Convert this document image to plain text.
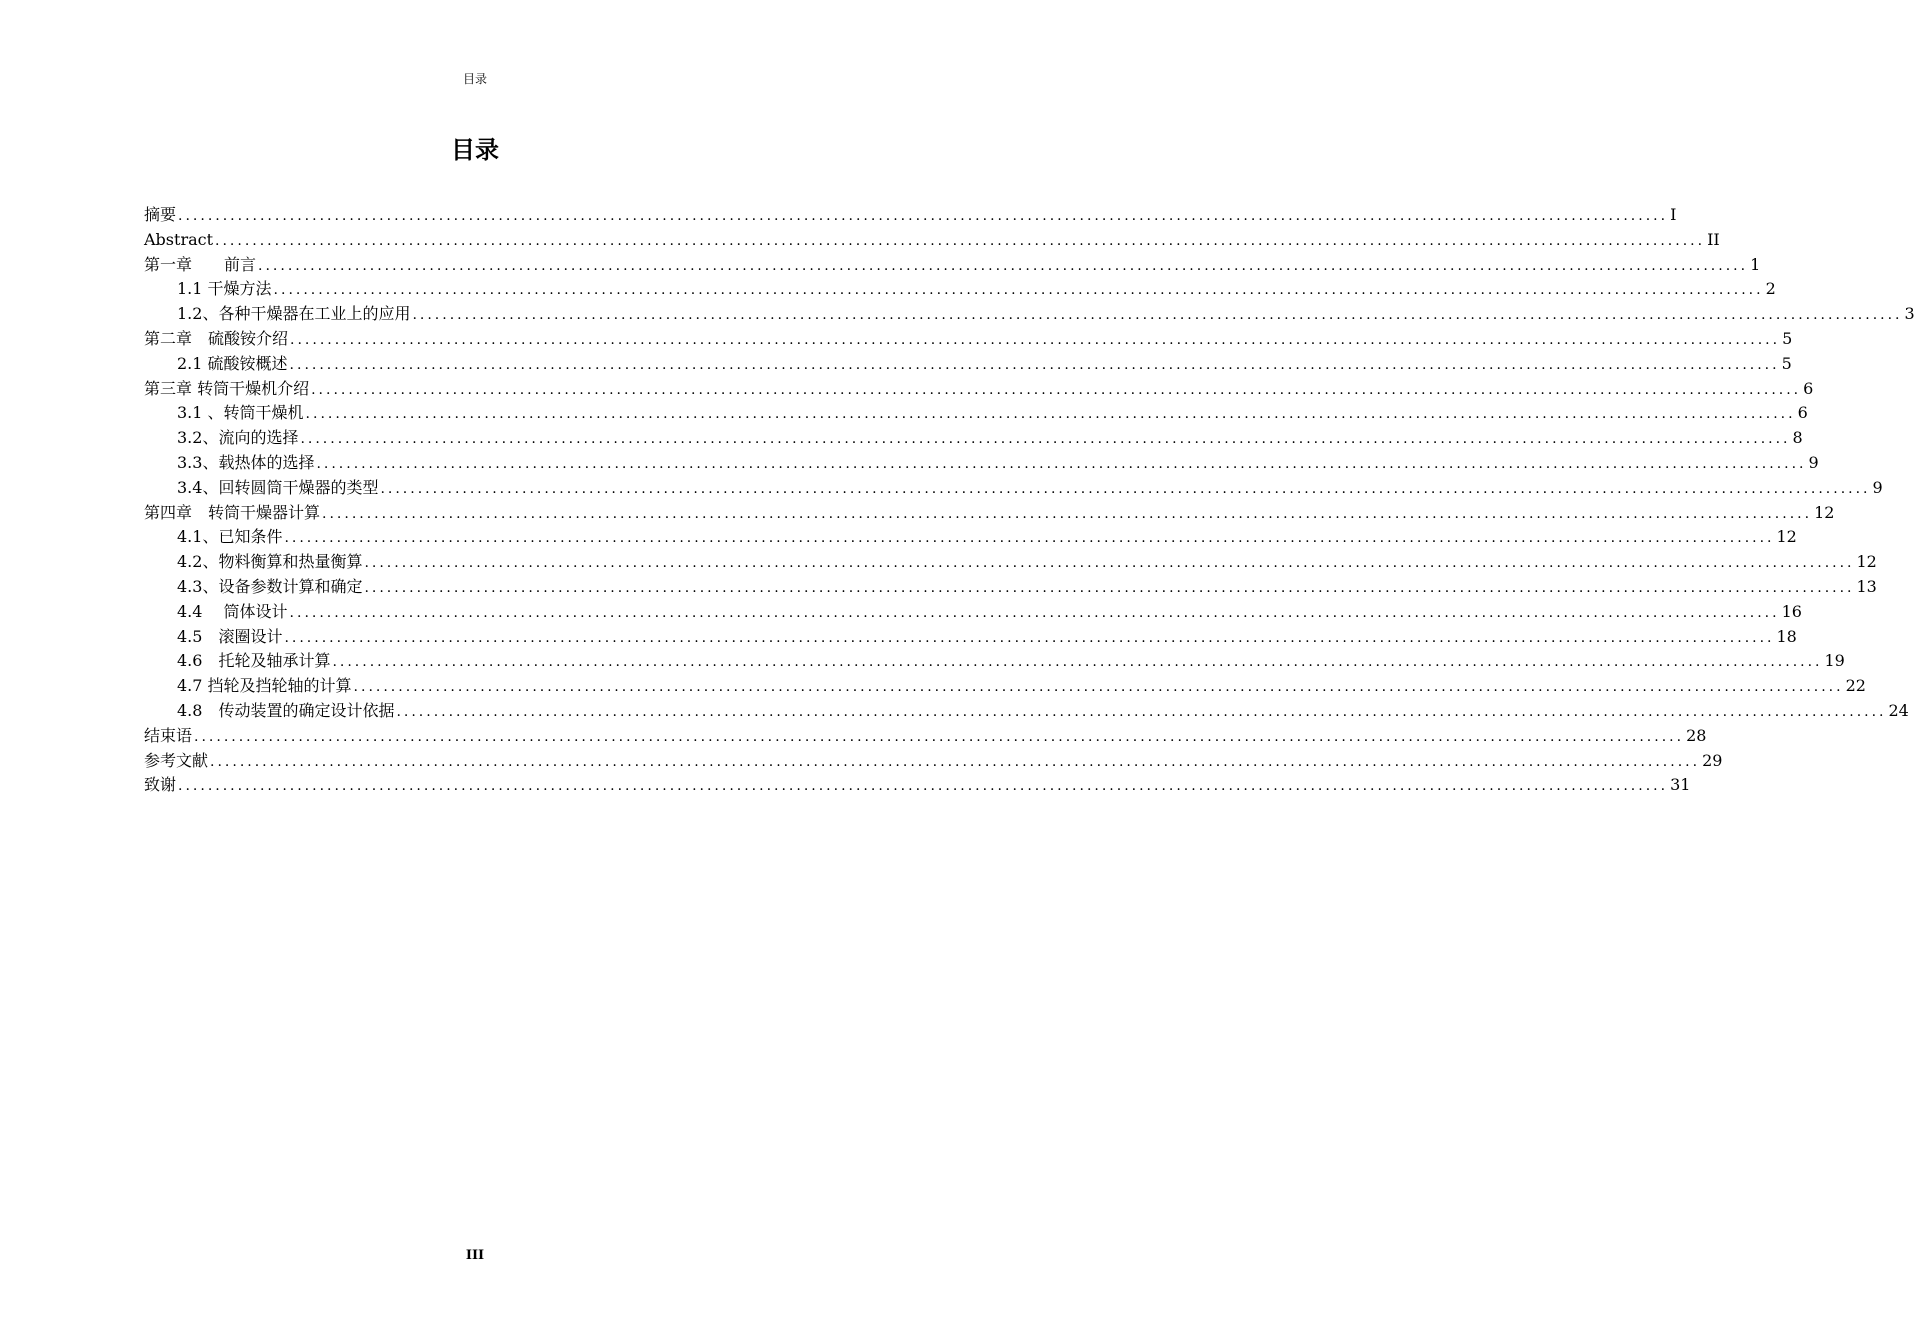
目录
目录
摘要 ........................................................................................................................................................................................................ I
Abstract ........................................................................................................................................................................................................ II
第一章　　前言 ........................................................................................................................................................................................................ 1
1.1 干燥方法 ........................................................................................................................................................................................................ 2
1.2、各种干燥器在工业上的应用 ........................................................................................................................................................................................................ 3
第二章　硫酸铵介绍 ........................................................................................................................................................................................................ 5
2.1 硫酸铵概述 ........................................................................................................................................................................................................ 5
第三章 转筒干燥机介绍 ........................................................................................................................................................................................................ 6
3.1 、转筒干燥机 ........................................................................................................................................................................................................ 6
3.2、流向的选择 ........................................................................................................................................................................................................ 8
3.3、载热体的选择 ........................................................................................................................................................................................................ 9
3.4、回转圆筒干燥器的类型 ........................................................................................................................................................................................................ 9
第四章　转筒干燥器计算 ........................................................................................................................................................................................................ 12
4.1、已知条件 ........................................................................................................................................................................................................ 12
4.2、物料衡算和热量衡算 ........................................................................................................................................................................................................ 12
4.3、设备参数计算和确定 ........................................................................................................................................................................................................ 13
4.4　 筒体设计 ........................................................................................................................................................................................................ 16
4.5　滚圈设计 ........................................................................................................................................................................................................ 18
4.6　托轮及轴承计算 ........................................................................................................................................................................................................ 19
4.7 挡轮及挡轮轴的计算 ........................................................................................................................................................................................................ 22
4.8　传动装置的确定设计依据 ........................................................................................................................................................................................................ 24
结束语 ........................................................................................................................................................................................................ 28
参考文献 ........................................................................................................................................................................................................ 29
致谢 ........................................................................................................................................................................................................ 31
III
